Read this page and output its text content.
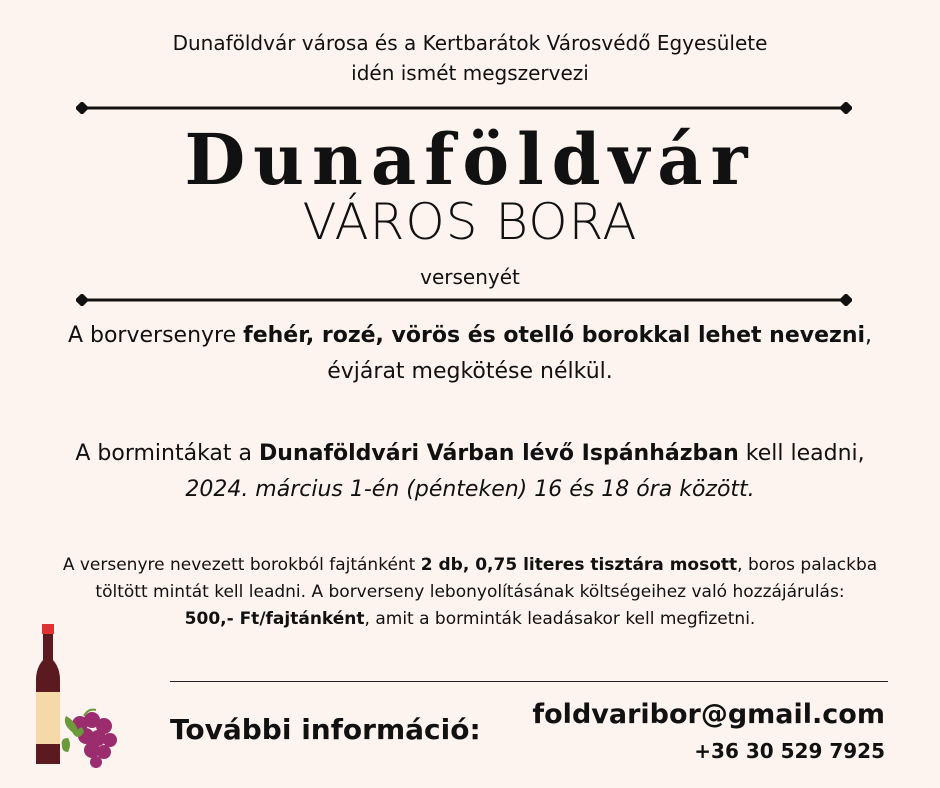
Dunaföldvár városa és a Kertbarátok Városvédő Egyesülete
idén ismét megszervezi
Dunaföldvár
VÁROS BORA
versenyét
A borversenyre fehér, rozé, vörös és otelló borokkal lehet nevezni,
évjárat megkötése nélkül.
A bormintákat a Dunaföldvári Várban lévő Ispánházban kell leadni,
2024. március 1-én (pénteken) 16 és 18 óra között.
A versenyre nevezett borokból fajtánként 2 db, 0,75 literes tisztára mosott, boros palackba
töltött mintát kell leadni. A borverseny lebonyolításának költségeihez való hozzájárulás:
500,- Ft/fajtánként, amit a borminták leadásakor kell megfizetni.
További információ: foldvaribor@gmail.com
+36 30 529 7925
